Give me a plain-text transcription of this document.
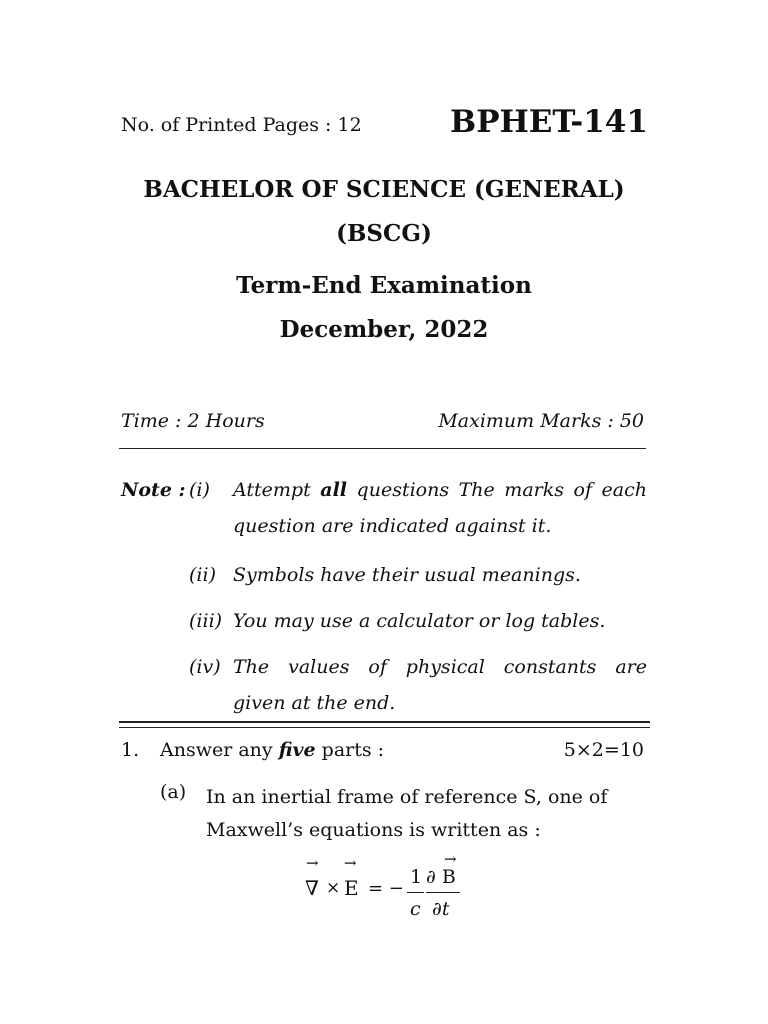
No. of Printed Pages : 12	BPHET-141
BACHELOR OF SCIENCE (GENERAL)
(BSCG)
Term-End Examination
December, 2022
Time : 2 Hours	Maximum Marks : 50
Note : (i) Attempt all questions The marks of each
question are indicated against it.
(ii) Symbols have their usual meanings.
(iii) You may use a calculator or log tables.
(iv) The values of physical constants are
given at the end.
1. Answer any five parts :	5×2=10
(a) In an inertial frame of reference S, one of Maxwell’s equations is written as :
→
∇ ×
→
E = −
1
c
→
∂ B
∂t
